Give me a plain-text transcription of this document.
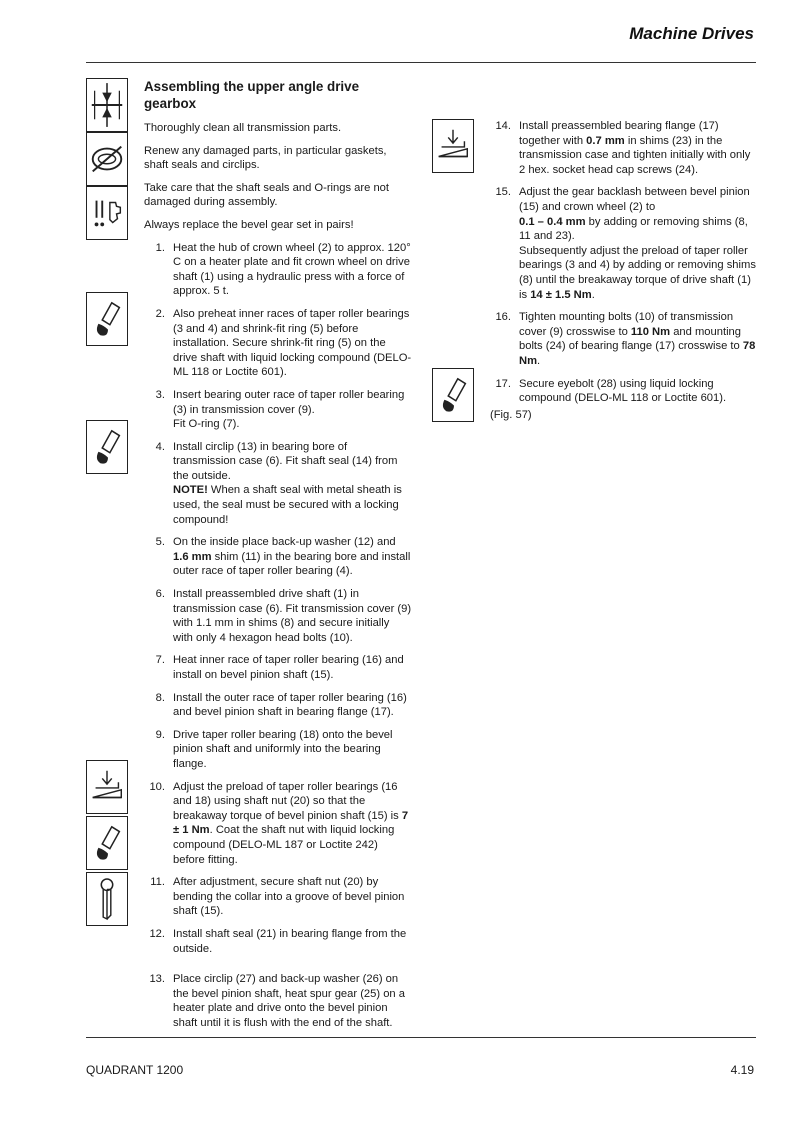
Machine Drives
Assembling the upper angle drive gearbox

Thoroughly clean all transmission parts.

Renew any damaged parts, in particular gaskets, shaft seals and circlips.

Take care that the shaft seals and O-rings are not damaged during assembly.

Always replace the bevel gear set in pairs!

1. Heat the hub of crown wheel (2) to approx. 120° C on a heater plate and fit crown wheel on drive shaft (1) using a hydraulic press with a force of approx. 5 t.
2. Also preheat inner races of taper roller bearings (3 and 4) and shrink-fit ring (5) before installation. Secure shrink-fit ring (5) on the drive shaft with liquid locking compound (DELO-ML 118 or Loctite 601).
3. Insert bearing outer race of taper roller bearing (3) in transmission cover (9).
Fit O-ring (7).
4. Install circlip (13) in bearing bore of transmission case (6). Fit shaft seal (14) from the outside.
NOTE! When a shaft seal with metal sheath is used, the seal must be secured with a locking compound!
5. On the inside place back-up washer (12) and 1.6 mm shim (11) in the bearing bore and install outer race of taper roller bearing (4).
6. Install preassembled drive shaft (1) in transmission case (6). Fit transmission cover (9) with 1.1 mm in shims (8) and secure initially with only 4 hexagon head bolts (10).
7. Heat inner race of taper roller bearing (16) and install on bevel pinion shaft (15).
8. Install the outer race of taper roller bearing (16) and bevel pinion shaft in bearing flange (17).
9. Drive taper roller bearing (18) onto the bevel pinion shaft and uniformly into the bearing flange.
10. Adjust the preload of taper roller bearings (16 and 18) using shaft nut (20) so that the breakaway torque of bevel pinion shaft (15) is 7 ± 1 Nm. Coat the shaft nut with liquid locking compound (DELO-ML 187 or Loctite 242) before fitting.
11. After adjustment, secure shaft nut (20) by bending the collar into a groove of bevel pinion shaft (15).
12. Install shaft seal (21) in bearing flange from the outside.
13. Place circlip (27) and back-up washer (26) on the bevel pinion shaft, heat spur gear (25) on a heater plate and drive onto the bevel pinion shaft until it is flush with the end of the shaft.
14. Install preassembled bearing flange (17) together with 0.7 mm in shims (23) in the transmission case and tighten initially with only 2 hex. socket head cap screws (24).
15. Adjust the gear backlash between bevel pinion (15) and crown wheel (2) to
0.1 – 0.4 mm by adding or removing shims (8, 11 and 23).
Subsequently adjust the preload of taper roller bearings (3 and 4) by adding or removing shims (8) until the breakaway torque of drive shaft (1) is 14 ± 1.5 Nm.
16. Tighten mounting bolts (10) of transmission cover (9) crosswise to 110 Nm and mounting bolts (24) of bearing flange (17) crosswise to 78 Nm.
17. Secure eyebolt (28) using liquid locking compound (DELO-ML 118 or Loctite 601).
(Fig. 57)
QUADRANT 1200	4.19
